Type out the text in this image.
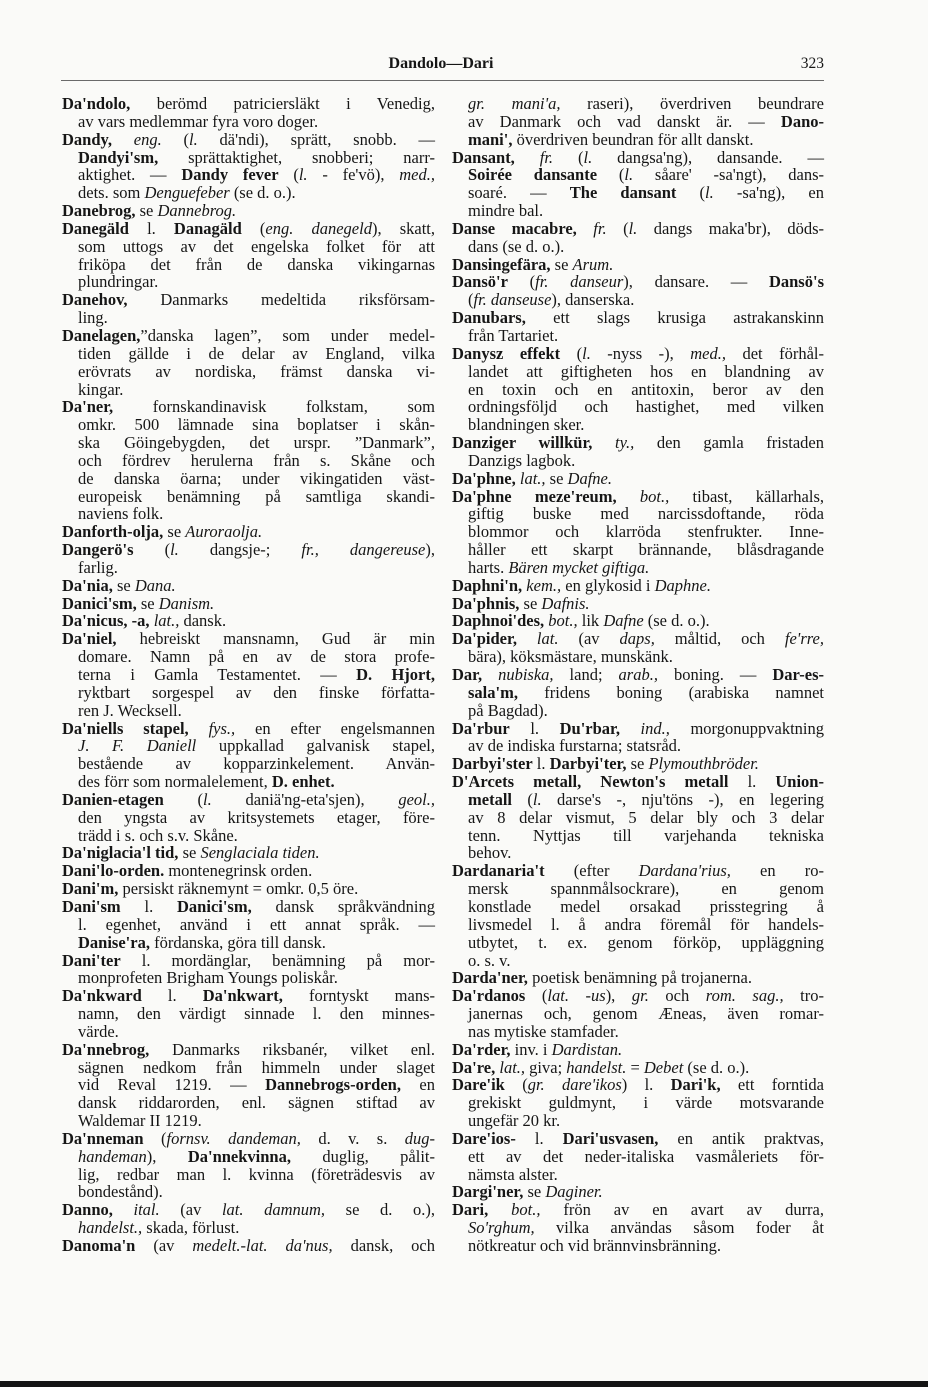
Dandolo—Dari	323
Da'ndolo, berömd patriciersläkt i Venedig,
av vars medlemmar fyra voro doger.
Dandy, eng. (l. dä'ndi), sprätt, snobb. —
Dandyi'sm, sprättaktighet, snobberi; narr-
aktighet. — Dandy fever (l. - fe'vö), med.,
dets. som Denguefeber (se d. o.).
Danebrog, se Dannebrog.
Danegäld l. Danagäld (eng. danegeld), skatt,
som uttogs av det engelska folket för att
friköpa det från de danska vikingarnas
plundringar.
Danehov, Danmarks medeltida riksförsam-
ling.
Danelagen,”danska lagen”, som under medel-
tiden gällde i de delar av England, vilka
erövrats av nordiska, främst danska vi-
kingar.
Da'ner, fornskandinavisk folkstam, som
omkr. 500 lämnade sina boplatser i skån-
ska Göingebygden, det urspr. ”Danmark”,
och fördrev herulerna från s. Skåne och
de danska öarna; under vikingatiden väst-
europeisk benämning på samtliga skandi-
naviens folk.
Danforth-olja, se Auroraolja.
Dangerö's (l. dangsje-; fr., dangereuse),
farlig.
Da'nia, se Dana.
Danici'sm, se Danism.
Da'nicus, -a, lat., dansk.
Da'niel, hebreiskt mansnamn, Gud är min
domare. Namn på en av de stora profe-
terna i Gamla Testamentet. — D. Hjort,
ryktbart sorgespel av den finske författa-
ren J. Wecksell.
Da'niells stapel, fys., en efter engelsmannen
J. F. Daniell uppkallad galvanisk stapel,
bestående av kopparzinkelement. Använ-
des förr som normalelement, D. enhet.
Danien-etagen (l. daniä'ng-eta'sjen), geol.,
den yngsta av kritsystemets etager, före-
trädd i s. och s.v. Skåne.
Da'niglacia'l tid, se Senglaciala tiden.
Dani'lo-orden. montenegrinsk orden.
Dani'm, persiskt räknemynt = omkr. 0,5 öre.
Dani'sm l. Danici'sm, dansk språkvändning
l. egenhet, använd i ett annat språk. —
Danise'ra, fördanska, göra till dansk.
Dani'ter l. mordänglar, benämning på mor-
monprofeten Brigham Youngs poliskår.
Da'nkward l. Da'nkwart, forntyskt mans-
namn, den värdigt sinnade l. den minnes-
värde.
Da'nnebrog, Danmarks riksbanér, vilket enl.
sägnen nedkom från himmeln under slaget
vid Reval 1219. — Dannebrogs-orden, en
dansk riddarorden, enl. sägnen stiftad av
Waldemar II 1219.
Da'nneman (fornsv. dandeman, d. v. s. dug-
handeman), Da'nnekvinna, duglig, pålit-
lig, redbar man l. kvinna (företrädesvis av
bondestånd).
Danno, ital. (av lat. damnum, se d. o.),
handelst., skada, förlust.
Danoma'n (av medelt.-lat. da'nus, dansk, och
gr. mani'a, raseri), överdriven beundrare
av Danmark och vad danskt är. — Dano-
mani', överdriven beundran för allt danskt.
Dansant, fr. (l. dangsa'ng), dansande. —
Soirée dansante (l. såare' -sa'ngt), dans-
soaré. — The dansant (l. -sa'ng), en
mindre bal.
Danse macabre, fr. (l. dangs maka'br), döds-
dans (se d. o.).
Dansingefära, se Arum.
Dansö'r (fr. danseur), dansare. — Dansö's
(fr. danseuse), danserska.
Danubars, ett slags krusiga astrakanskinn
från Tartariet.
Danysz effekt (l. -nyss -), med., det förhål-
landet att giftigheten hos en blandning av
en toxin och en antitoxin, beror av den
ordningsföljd och hastighet, med vilken
blandningen sker.
Danziger willkür, ty., den gamla fristaden
Danzigs lagbok.
Da'phne, lat., se Dafne.
Da'phne meze'reum, bot., tibast, källarhals,
giftig buske med narcissdoftande, röda
blommor och klarröda stenfrukter. Inne-
håller ett skarpt brännande, blåsdragande
harts. Bären mycket giftiga.
Daphni'n, kem., en glykosid i Daphne.
Da'phnis, se Dafnis.
Daphnoi'des, bot., lik Dafne (se d. o.).
Da'pider, lat. (av daps, måltid, och fe'rre,
bära), köksmästare, munskänk.
Dar, nubiska, land; arab., boning. — Dar-es-
sala'm, fridens boning (arabiska namnet
på Bagdad).
Da'rbur l. Du'rbar, ind., morgonuppvaktning
av de indiska furstarna; statsråd.
Darbyi'ster l. Darbyi'ter, se Plymouthbröder.
D'Arcets metall, Newton's metall l. Union-
metall (l. darse's -, nju'töns -), en legering
av 8 delar vismut, 5 delar bly och 3 delar
tenn. Nyttjas till varjehanda tekniska
behov.
Dardanaria't (efter Dardana'rius, en ro-
mersk spannmålsockrare), en genom
konstlade medel orsakad prisstegring å
livsmedel l. å andra föremål för handels-
utbytet, t. ex. genom förköp, uppläggning
o. s. v.
Darda'ner, poetisk benämning på trojanerna.
Da'rdanos (lat. -us), gr. och rom. sag., tro-
janernas och, genom Æneas, även romar-
nas mytiske stamfader.
Da'rder, inv. i Dardistan.
Da're, lat., giva; handelst. = Debet (se d. o.).
Dare'ik (gr. dare'ikos) l. Dari'k, ett forntida
grekiskt guldmynt, i värde motsvarande
ungefär 20 kr.
Dare'ios- l. Dari'usvasen, en antik praktvas,
ett av det neder-italiska vasmåleriets för-
nämsta alster.
Dargi'ner, se Daginer.
Dari, bot., frön av en avart av durra,
So'rghum, vilka användas såsom foder åt
nötkreatur och vid brännvinsbränning.
